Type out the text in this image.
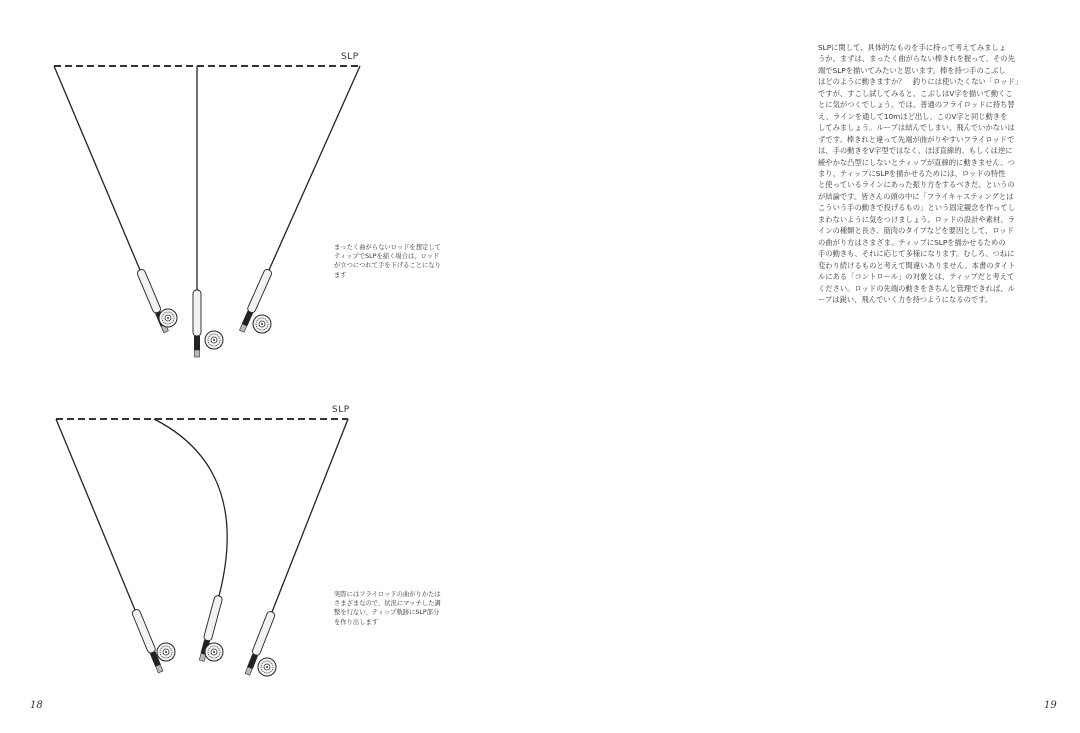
SLP
まったく曲がらないロッドを想定して
ティップでSLPを描く場合は、ロッド
が立つにつれて手を下げることになり
ます
SLP
実際にはフライロッドの曲がりかたは
さまざまなので、状況にマッチした調
整を行ない、ティップ軌跡にSLP部分
を作り出します
18
SLPに関して、具体的なものを手に持って考えてみましょ
うか。まずは、まったく曲がらない棒きれを握って、その先
端でSLPを描いてみたいと思います。棒を持つ手のこぶし
はどのように動きますか？　釣りには使いたくない「ロッド」
ですが、すこし試してみると、こぶしはV字を描いて動くこ
とに気がつくでしょう。では、普通のフライロッドに持ち替
え、ラインを通して10mほど出し、このV字と同じ動きを
してみましょう。ループは結んでしまい、飛んでいかないは
ずです。棒きれと違って先端が曲がりやすいフライロッドで
は、手の動きをV字型ではなく、ほぼ直線的、もしくは逆に
緩やかな凸型にしないとティップが直線的に動きません。つ
まり、ティップにSLPを描かせるためには、ロッドの特性
と使っているラインにあった振り方をするべきだ、というの
が結論です。皆さんの頭の中に「フライキャスティングとは
こういう手の動きで投げるもの」という固定観念を作ってし
まわないように気をつけましょう。ロッドの設計や素材、ラ
インの種類と長さ、筋肉のタイプなどを要因として、ロッド
の曲がり方はさまざま。ティップにSLPを描かせるための
手の動きも、それに応じて多様になります。むしろ、つねに
変わり続けるものと考えて間違いありません。本書のタイト
ルにある「コントロール」の対象とは、ティップだと考えて
ください。ロッドの先端の動きをきちんと管理できれば、ル
ープは鋭い、飛んでいく力を持つようになるのです。
19
